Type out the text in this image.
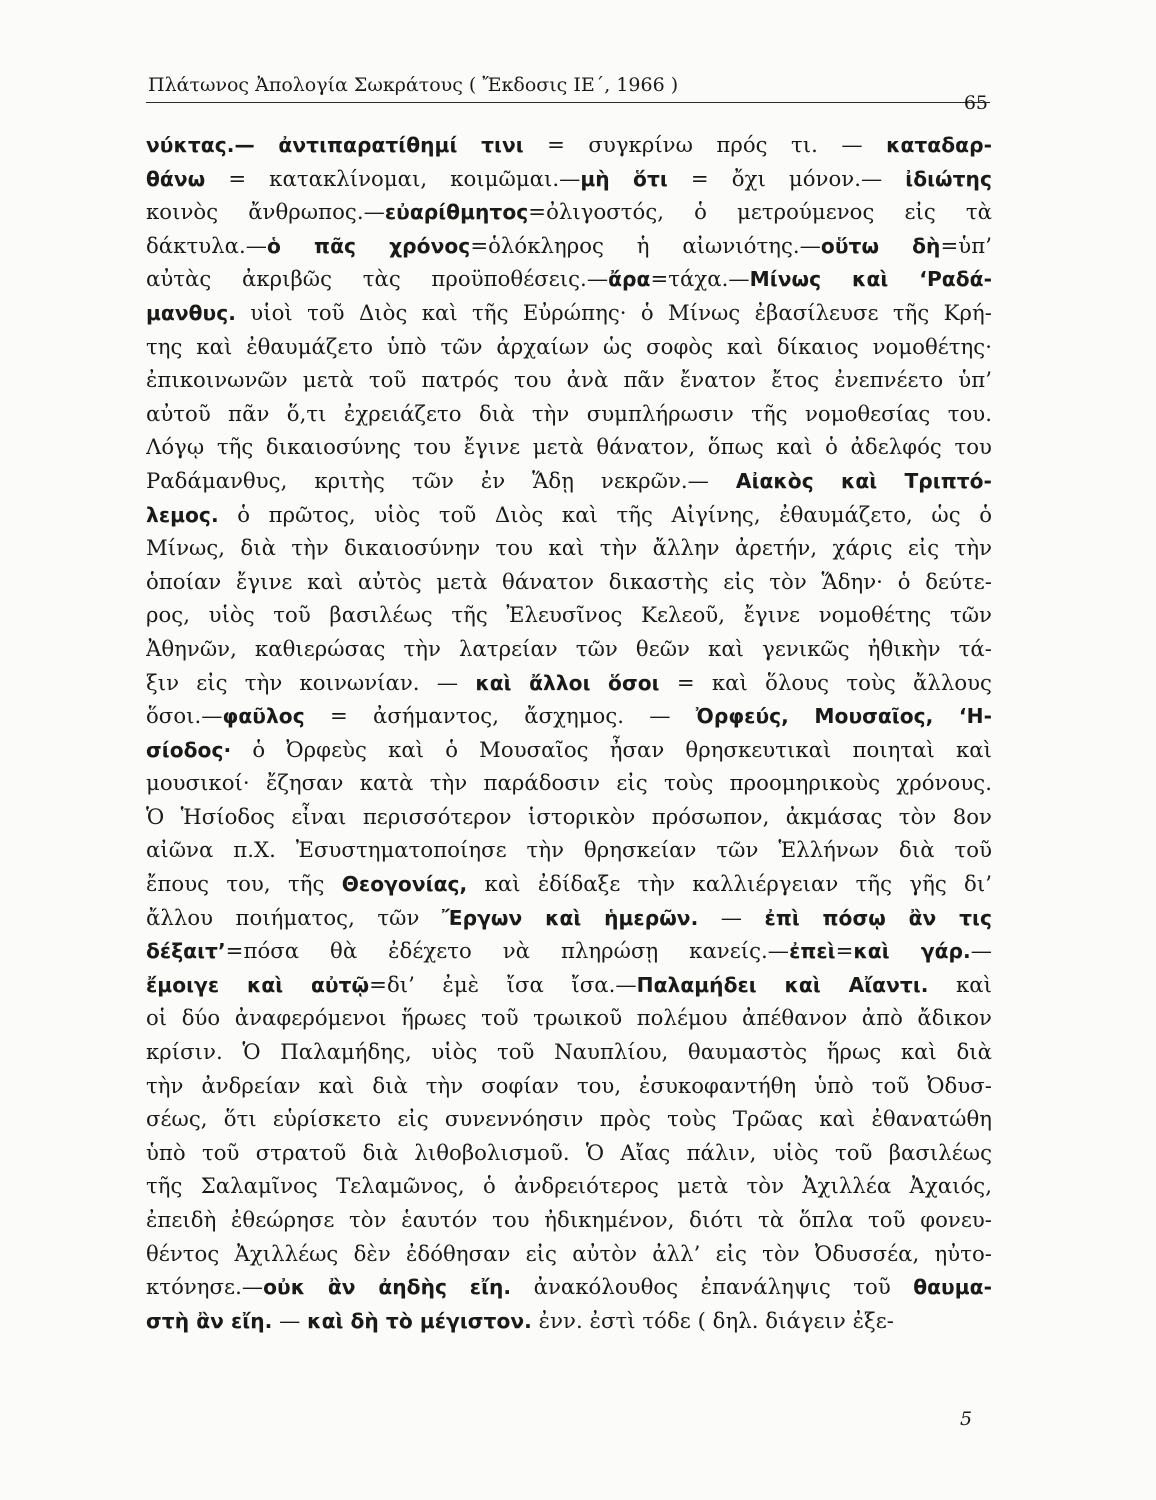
Πλάτωνος Ἀπολογία Σωκράτους ( Ἔκδοσις ΙΕ΄, 1966 )
65
νύκτας.— ἀντιπαρατίθημί τινι = συγκρίνω πρός τι. — καταδαρ-
θάνω = κατακλίνομαι, κοιμῶμαι.—μὴ ὅτι = ὄχι μόνον.— ἰδιώτης
κοινὸς ἄνθρωπος.—εὐαρίθμητος=ὀλιγοστός, ὁ μετρούμενος εἰς τὰ
δάκτυλα.—ὁ πᾶς χρόνος=ὁλόκληρος ἡ αἰωνιότης.—οὕτω δὴ=ὑπ’
αὐτὰς ἀκριβῶς τὰς προϋποθέσεις.—ἄρα=τάχα.—Μίνως καὶ ‘Ραδά-
μανθυς. υἱοὶ τοῦ Διὸς καὶ τῆς Εὐρώπης· ὁ Μίνως ἐβασίλευσε τῆς Κρή-
της καὶ ἐθαυμάζετο ὑπὸ τῶν ἀρχαίων ὡς σοφὸς καὶ δίκαιος νομοθέτης·
ἐπικοινωνῶν μετὰ τοῦ πατρός του ἀνὰ πᾶν ἔνατον ἔτος ἐνεπνέετο ὑπ’
αὐτοῦ πᾶν ὅ,τι ἐχρειάζετο διὰ τὴν συμπλήρωσιν τῆς νομοθεσίας του.
Λόγῳ τῆς δικαιοσύνης του ἔγινε μετὰ θάνατον, ὅπως καὶ ὁ ἀδελφός του
Ραδάμανθυς, κριτὴς τῶν ἐν Ἅδῃ νεκρῶν.— Αἰακὸς καὶ Τριπτό-
λεμος. ὁ πρῶτος, υἱὸς τοῦ Διὸς καὶ τῆς Αἰγίνης, ἐθαυμάζετο, ὡς ὁ
Μίνως, διὰ τὴν δικαιοσύνην του καὶ τὴν ἄλλην ἀρετήν, χάρις εἰς τὴν
ὁποίαν ἔγινε καὶ αὐτὸς μετὰ θάνατον δικαστὴς εἰς τὸν Ἅδην· ὁ δεύτε-
ρος, υἱὸς τοῦ βασιλέως τῆς Ἐλευσῖνος Κελεοῦ, ἔγινε νομοθέτης τῶν
Ἀθηνῶν, καθιερώσας τὴν λατρείαν τῶν θεῶν καὶ γενικῶς ἠθικὴν τά-
ξιν εἰς τὴν κοινωνίαν. — καὶ ἄλλοι ὅσοι = καὶ ὅλους τοὺς ἄλλους
ὅσοι.—φαῦλος = ἀσήμαντος, ἄσχημος. — Ὀρφεύς, Μουσαῖος, ‘Η-
σίοδος· ὁ Ὀρφεὺς καὶ ὁ Μουσαῖος ἦσαν θρησκευτικαὶ ποιηταὶ καὶ
μουσικοί· ἔζησαν κατὰ τὴν παράδοσιν εἰς τοὺς προομηρικοὺς χρόνους.
Ὁ Ἡσίοδος εἶναι περισσότερον ἱστορικὸν πρόσωπον, ἀκμάσας τὸν 8ον
αἰῶνα π.Χ. Ἐσυστηματοποίησε τὴν θρησκείαν τῶν Ἑλλήνων διὰ τοῦ
ἔπους του, τῆς Θεογονίας, καὶ ἐδίδαξε τὴν καλλιέργειαν τῆς γῆς δι’
ἄλλου ποιήματος, τῶν Ἔργων καὶ ἡμερῶν. — ἐπὶ πόσῳ ἂν τις
δέξαιτ’=πόσα θὰ ἐδέχετο νὰ πληρώσῃ κανείς.—ἐπεὶ=καὶ γάρ.—
ἔμοιγε καὶ αὐτῷ=δι’ ἐμὲ ἴσα ἴσα.—Παλαμήδει καὶ Αἴαντι. καὶ
οἱ δύο ἀναφερόμενοι ἥρωες τοῦ τρωικοῦ πολέμου ἀπέθανον ἀπὸ ἄδικον
κρίσιν. Ὁ Παλαμήδης, υἱὸς τοῦ Ναυπλίου, θαυμαστὸς ἥρως καὶ διὰ
τὴν ἀνδρείαν καὶ διὰ τὴν σοφίαν του, ἐσυκοφαντήθη ὑπὸ τοῦ Ὀδυσ-
σέως, ὅτι εὑρίσκετο εἰς συνεννόησιν πρὸς τοὺς Τρῶας καὶ ἐθανατώθη
ὑπὸ τοῦ στρατοῦ διὰ λιθοβολισμοῦ. Ὁ Αἴας πάλιν, υἱὸς τοῦ βασιλέως
τῆς Σαλαμῖνος Τελαμῶνος, ὁ ἀνδρειότερος μετὰ τὸν Ἀχιλλέα Ἀχαιός,
ἐπειδὴ ἐθεώρησε τὸν ἑαυτόν του ἠδικημένον, διότι τὰ ὅπλα τοῦ φονευ-
θέντος Ἀχιλλέως δὲν ἐδόθησαν εἰς αὐτὸν ἀλλ’ εἰς τὸν Ὀδυσσέα, ηὐτο-
κτόνησε.—οὐκ ἂν ἀηδὴς εἴη. ἀνακόλουθος ἐπανάληψις τοῦ θαυμα-
στὴ ἂν εἴη. — καὶ δὴ τὸ μέγιστον. ἐνν. ἐστὶ τόδε ( δηλ. διάγειν ἐξε-
5
